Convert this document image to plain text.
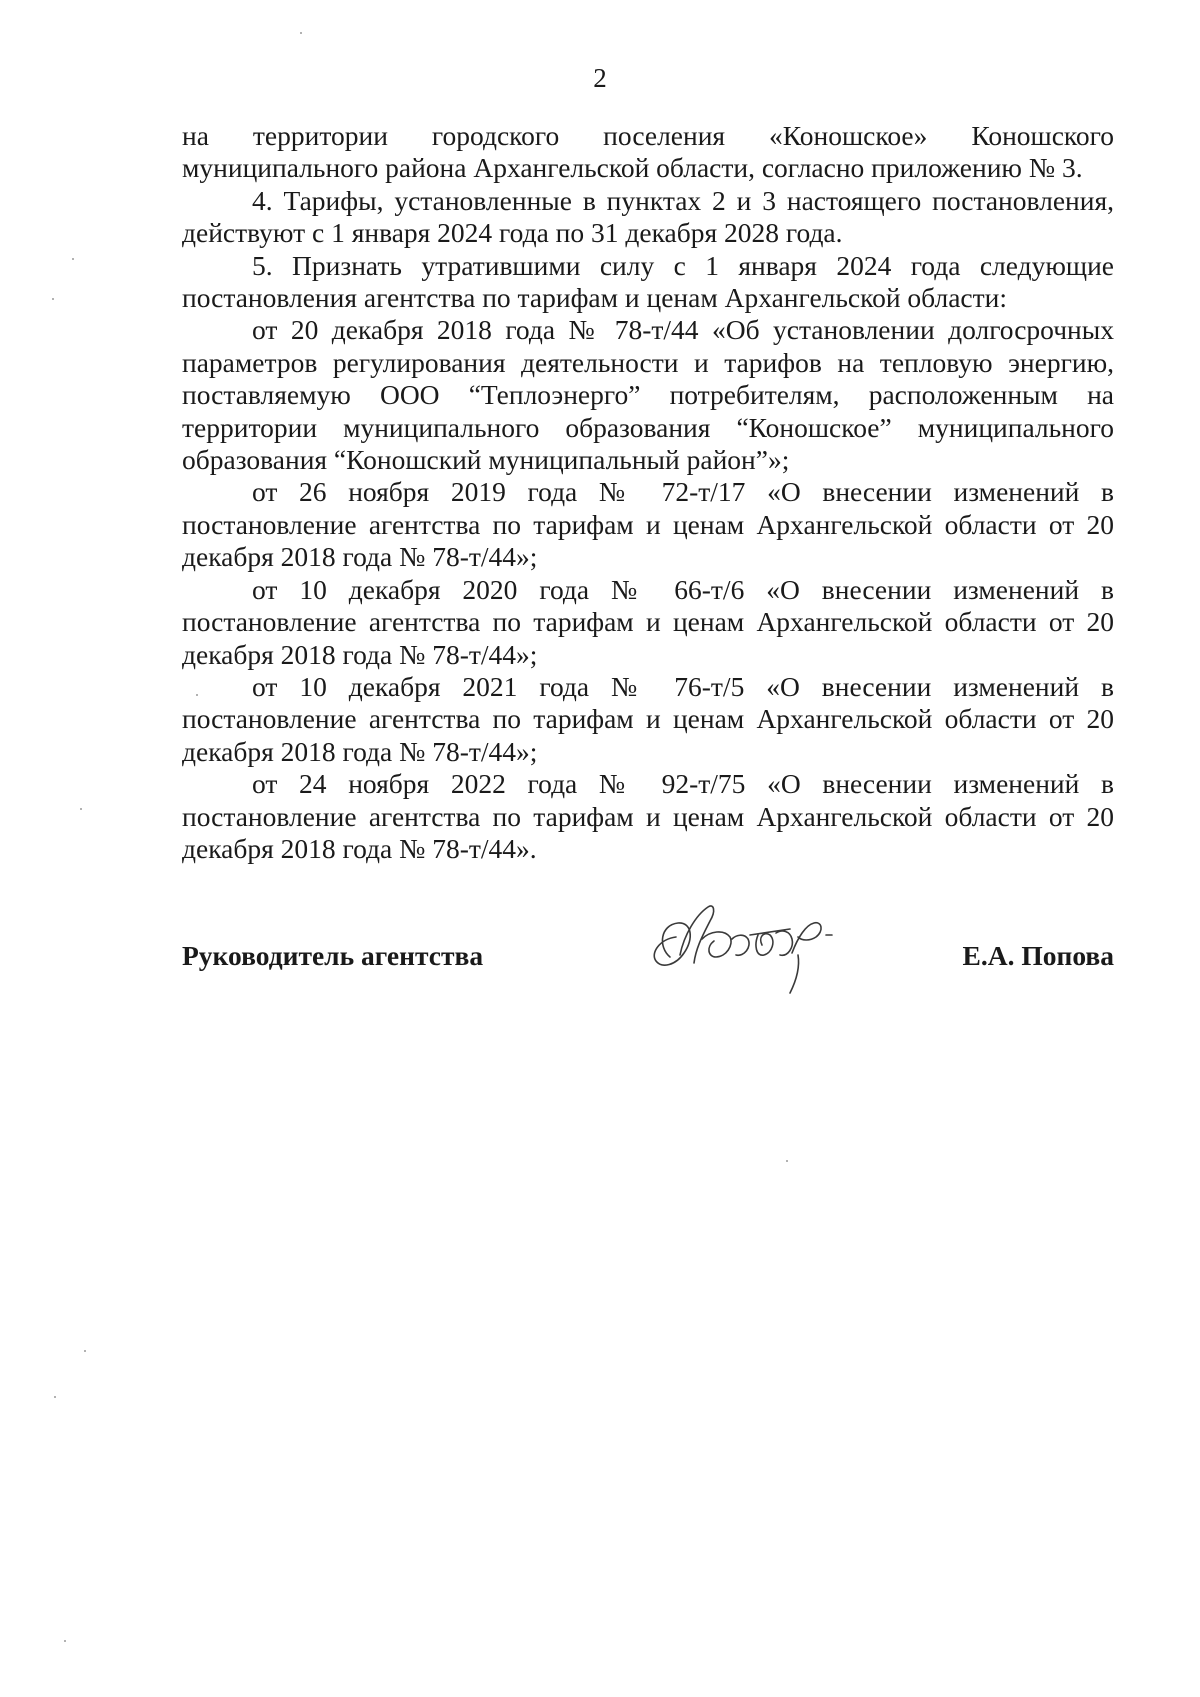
2

на территории городского поселения «Коношское» Коношского муниципального района Архангельской области, согласно приложению № 3.

4. Тарифы, установленные в пунктах 2 и 3 настоящего постановления, действуют с 1 января 2024 года по 31 декабря 2028 года.

5. Признать утратившими силу с 1 января 2024 года следующие постановления агентства по тарифам и ценам Архангельской области:

от 20 декабря 2018 года № 78-т/44 «Об установлении долгосрочных параметров регулирования деятельности и тарифов на тепловую энергию, поставляемую ООО “Теплоэнерго” потребителям, расположенным на территории муниципального образования “Коношское” муниципального образования “Коношский муниципальный район”»;

от 26 ноября 2019 года № 72-т/17 «О внесении изменений в постановление агентства по тарифам и ценам Архангельской области от 20 декабря 2018 года № 78-т/44»;

от 10 декабря 2020 года № 66-т/6 «О внесении изменений в постановление агентства по тарифам и ценам Архангельской области от 20 декабря 2018 года № 78-т/44»;

от 10 декабря 2021 года № 76-т/5 «О внесении изменений в постановление агентства по тарифам и ценам Архангельской области от 20 декабря 2018 года № 78-т/44»;

от 24 ноября 2022 года № 92-т/75 «О внесении изменений в постановление агентства по тарифам и ценам Архангельской области от 20 декабря 2018 года № 78-т/44».

Руководитель агентства	Е.А. Попова
